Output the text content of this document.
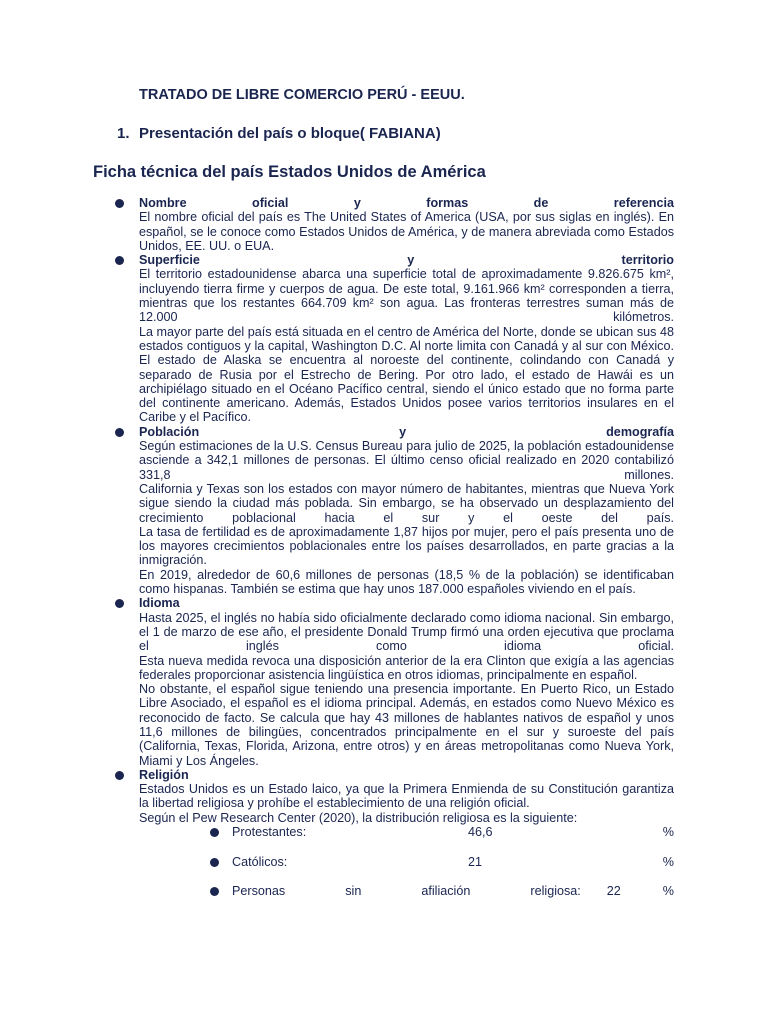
TRATADO DE LIBRE COMERCIO PERÚ - EEUU.
1. Presentación del país o bloque( FABIANA)
Ficha técnica del país Estados Unidos de América
Nombre oficial y formas de referencia
El nombre oficial del país es The United States of America (USA, por sus siglas en inglés). En español, se le conoce como Estados Unidos de América, y de manera abreviada como Estados Unidos, EE. UU. o EUA.
Superficie y territorio
El territorio estadounidense abarca una superficie total de aproximadamente 9.826.675 km², incluyendo tierra firme y cuerpos de agua. De este total, 9.161.966 km² corresponden a tierra, mientras que los restantes 664.709 km² son agua. Las fronteras terrestres suman más de 12.000 kilómetros.
La mayor parte del país está situada en el centro de América del Norte, donde se ubican sus 48 estados contiguos y la capital, Washington D.C. Al norte limita con Canadá y al sur con México. El estado de Alaska se encuentra al noroeste del continente, colindando con Canadá y separado de Rusia por el Estrecho de Bering. Por otro lado, el estado de Hawái es un archipiélago situado en el Océano Pacífico central, siendo el único estado que no forma parte del continente americano. Además, Estados Unidos posee varios territorios insulares en el Caribe y el Pacífico.
Población y demografía
Según estimaciones de la U.S. Census Bureau para julio de 2025, la población estadounidense asciende a 342,1 millones de personas. El último censo oficial realizado en 2020 contabilizó 331,8 millones.
California y Texas son los estados con mayor número de habitantes, mientras que Nueva York sigue siendo la ciudad más poblada. Sin embargo, se ha observado un desplazamiento del crecimiento poblacional hacia el sur y el oeste del país.
La tasa de fertilidad es de aproximadamente 1,87 hijos por mujer, pero el país presenta uno de los mayores crecimientos poblacionales entre los países desarrollados, en parte gracias a la inmigración.
En 2019, alrededor de 60,6 millones de personas (18,5 % de la población) se identificaban como hispanas. También se estima que hay unos 187.000 españoles viviendo en el país.
Idioma
Hasta 2025, el inglés no había sido oficialmente declarado como idioma nacional. Sin embargo, el 1 de marzo de ese año, el presidente Donald Trump firmó una orden ejecutiva que proclama el inglés como idioma oficial.
Esta nueva medida revoca una disposición anterior de la era Clinton que exigía a las agencias federales proporcionar asistencia lingüística en otros idiomas, principalmente en español.
No obstante, el español sigue teniendo una presencia importante. En Puerto Rico, un Estado Libre Asociado, el español es el idioma principal. Además, en estados como Nuevo México es reconocido de facto. Se calcula que hay 43 millones de hablantes nativos de español y unos 11,6 millones de bilingües, concentrados principalmente en el sur y suroeste del país (California, Texas, Florida, Arizona, entre otros) y en áreas metropolitanas como Nueva York, Miami y Los Ángeles.
Religión
Estados Unidos es un Estado laico, ya que la Primera Enmienda de su Constitución garantiza la libertad religiosa y prohíbe el establecimiento de una religión oficial.
Según el Pew Research Center (2020), la distribución religiosa es la siguiente:
Protestantes:	46,6	%
Católicos:	21	%
Personas sin afiliación religiosa: 22	%
